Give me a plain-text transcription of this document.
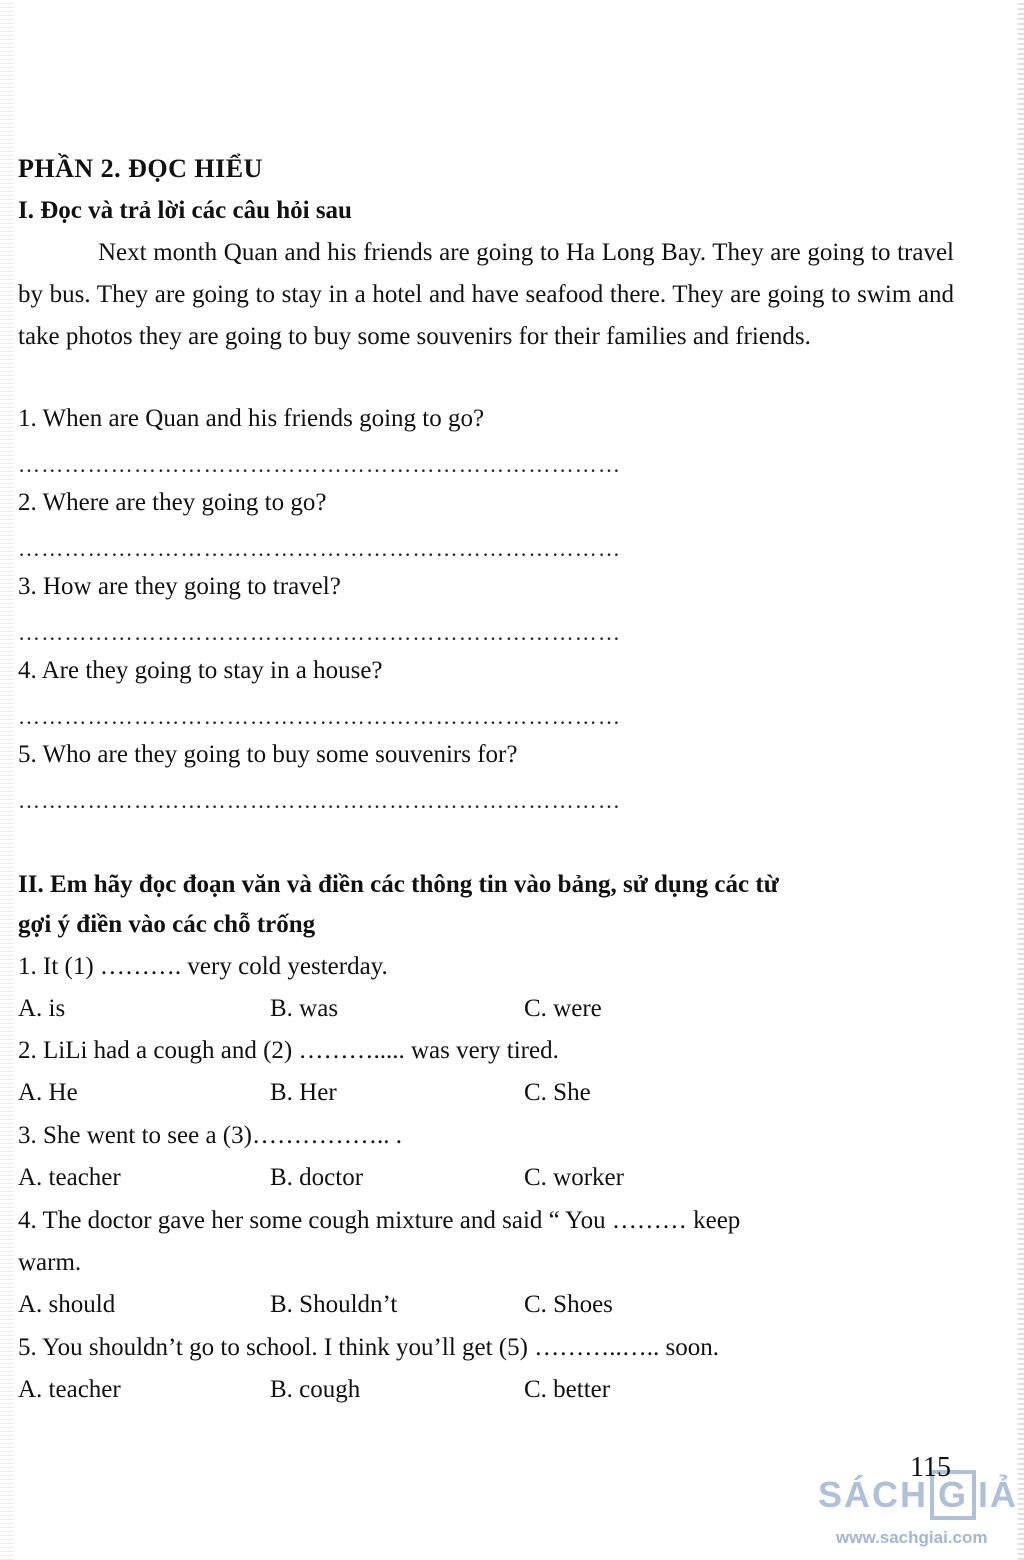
PHẦN 2. ĐỌC HIỂU
I. Đọc và trả lời các câu hỏi sau
Next month Quan and his friends are going to Ha Long Bay. They are going to travel by bus. They are going to stay in a hotel and have seafood there. They are going to swim and take photos they are going to buy some souvenirs for their families and friends.
1. When are Quan and his friends going to go?
……………………………………………………………………
2. Where are they going to go?
……………………………………………………………………
3. How are they going to travel?
……………………………………………………………………
4. Are they going to stay in a house?
……………………………………………………………………
5. Who are they going to buy some souvenirs for?
……………………………………………………………………
II. Em hãy đọc đoạn văn và điền các thông tin vào bảng, sử dụng các từ
gợi ý điền vào các chỗ trống
1. It (1) ………. very cold yesterday.
A. is	B. was	C. were
2. LiLi had a cough and (2) ………..... was very tired.
A. He	B. Her	C. She
3. She went to see a (3)…………….. .
A. teacher	B. doctor	C. worker
4. The doctor gave her some cough mixture and said “ You ……… keep
warm.
A. should	B. Shouldn’t	C. Shoes
5. You shouldn’t go to school. I think you’ll get (5) ………..….. soon.
A. teacher	B. cough	C. better
SÁCH G IẢ
115
www.sachgiai.com
